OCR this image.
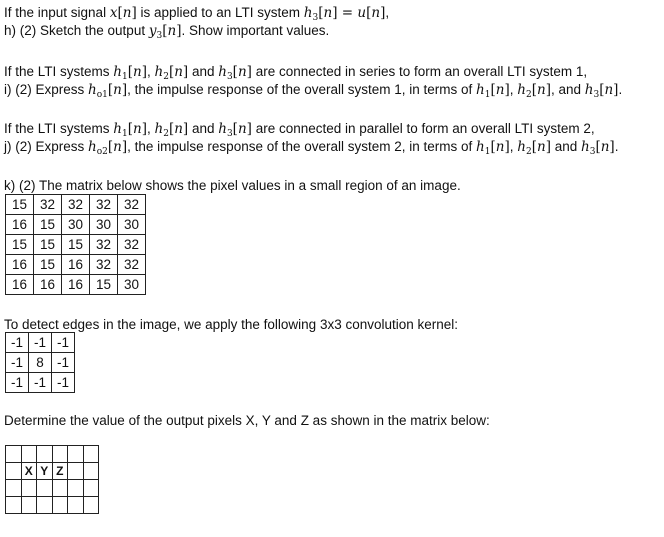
If the input signal x[n] is applied to an LTI system $h_3[n] = u[n]$,
h) (2) Sketch the output $y_3[n]$. Show important values.
If the LTI systems $h_1[n]$, $h_2[n]$ and $h_3[n]$ are connected in series to form an overall LTI system 1,
i) (2) Express $h_{o1}[n]$, the impulse response of the overall system 1, in terms of $h_1[n]$, $h_2[n]$, and $h_3[n]$.
If the LTI systems $h_1[n]$, $h_2[n]$ and $h_3[n]$ are connected in parallel to form an overall LTI system 2,
j) (2) Express $h_{o2}[n]$, the impulse response of the overall system 2, in terms of $h_1[n]$, $h_2[n]$ and $h_3[n]$.
k) (2) The matrix below shows the pixel values in a small region of an image.
15	32	32	32	32
16	15	30	30	30
15	15	15	32	32
16	15	16	32	32
16	16	16	15	30
To detect edges in the image, we apply the following 3x3 convolution kernel:
-1	-1	-1
-1	8	-1
-1	-1	-1
Determine the value of the output pixels X, Y and Z as shown in the matrix below:

	X	Y	Z		
